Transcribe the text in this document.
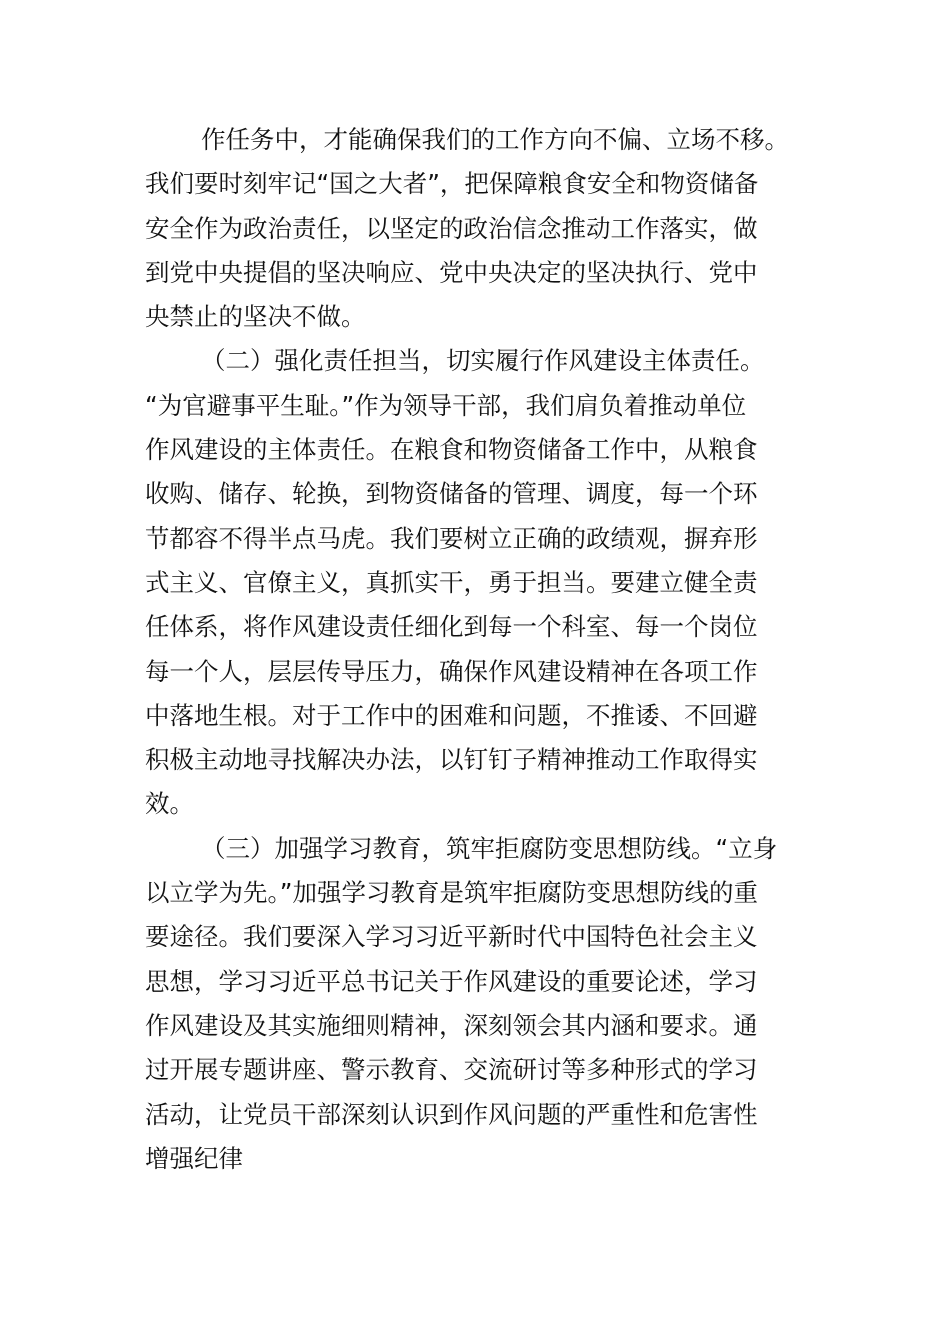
作任务中，才能确保我们的工作方向不偏、立场不移。
我们要时刻牢记“国之大者”，把保障粮食安全和物资储备
安全作为政治责任，以坚定的政治信念推动工作落实，做
到党中央提倡的坚决响应、党中央决定的坚决执行、党中
央禁止的坚决不做。
（二）强化责任担当，切实履行作风建设主体责任。
“为官避事平生耻。”作为领导干部，我们肩负着推动单位
作风建设的主体责任。在粮食和物资储备工作中，从粮食
收购、储存、轮换，到物资储备的管理、调度，每一个环
节都容不得半点马虎。我们要树立正确的政绩观，摒弃形
式主义、官僚主义，真抓实干，勇于担当。要建立健全责
任体系，将作风建设责任细化到每一个科室、每一个岗位
每一个人，层层传导压力，确保作风建设精神在各项工作
中落地生根。对于工作中的困难和问题，不推诿、不回避
积极主动地寻找解决办法，以钉钉子精神推动工作取得实
效。
（三）加强学习教育，筑牢拒腐防变思想防线。“立身
以立学为先。”加强学习教育是筑牢拒腐防变思想防线的重
要途径。我们要深入学习习近平新时代中国特色社会主义
思想，学习习近平总书记关于作风建设的重要论述，学习
作风建设及其实施细则精神，深刻领会其内涵和要求。通
过开展专题讲座、警示教育、交流研讨等多种形式的学习
活动，让党员干部深刻认识到作风问题的严重性和危害性
增强纪律
